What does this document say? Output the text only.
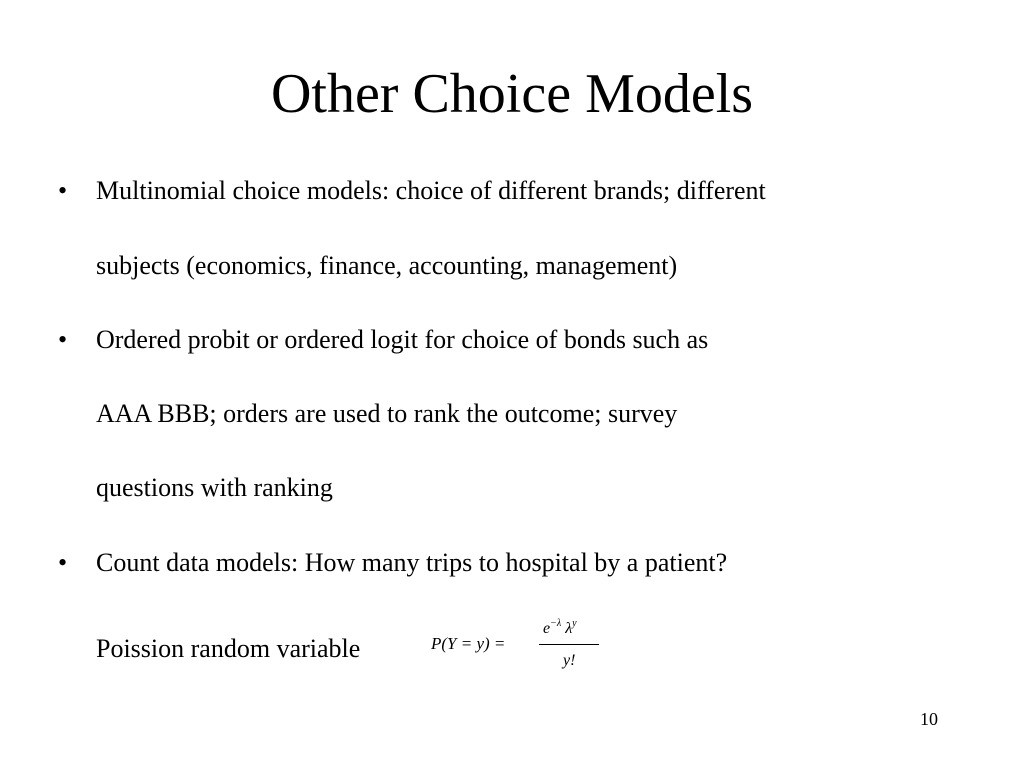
Other Choice Models
• Multinomial choice models: choice of different brands; different
subjects (economics, finance, accounting, management)
• Ordered probit or ordered logit for choice of bonds such as
AAA BBB; orders are used to rank the outcome; survey
questions with ranking
• Count data models: How many trips to hospital by a patient?
Poission random variable	P(Y = y) =
$e^{-\lambda}$ $\lambda^y$
y!
10
